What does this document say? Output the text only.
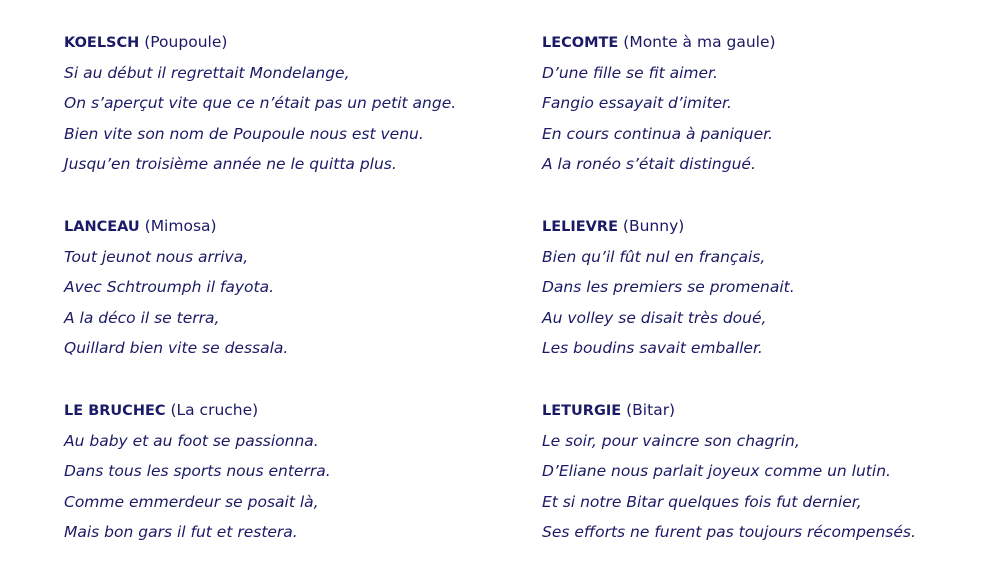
KOELSCH (Poupoule)
Si au début il regrettait Mondelange,
On s’aperçut vite que ce n’était pas un petit ange.
Bien vite son nom de Poupoule nous est venu.
Jusqu’en troisième année ne le quitta plus.
LANCEAU (Mimosa)
Tout jeunot nous arriva,
Avec Schtroumph il fayota.
A la déco il se terra,
Quillard bien vite se dessala.
LE BRUCHEC (La cruche)
Au baby et au foot se passionna.
Dans tous les sports nous enterra.
Comme emmerdeur se posait là,
Mais bon gars il fut et restera.
LECOMTE (Monte à ma gaule)
D’une fille se fit aimer.
Fangio essayait d’imiter.
En cours continua à paniquer.
A la ronéo s’était distingué.
LELIEVRE (Bunny)
Bien qu’il fût nul en français,
Dans les premiers se promenait.
Au volley se disait très doué,
Les boudins savait emballer.
LETURGIE (Bitar)
Le soir, pour vaincre son chagrin,
D’Eliane nous parlait joyeux comme un lutin.
Et si notre Bitar quelques fois fut dernier,
Ses efforts ne furent pas toujours récompensés.
